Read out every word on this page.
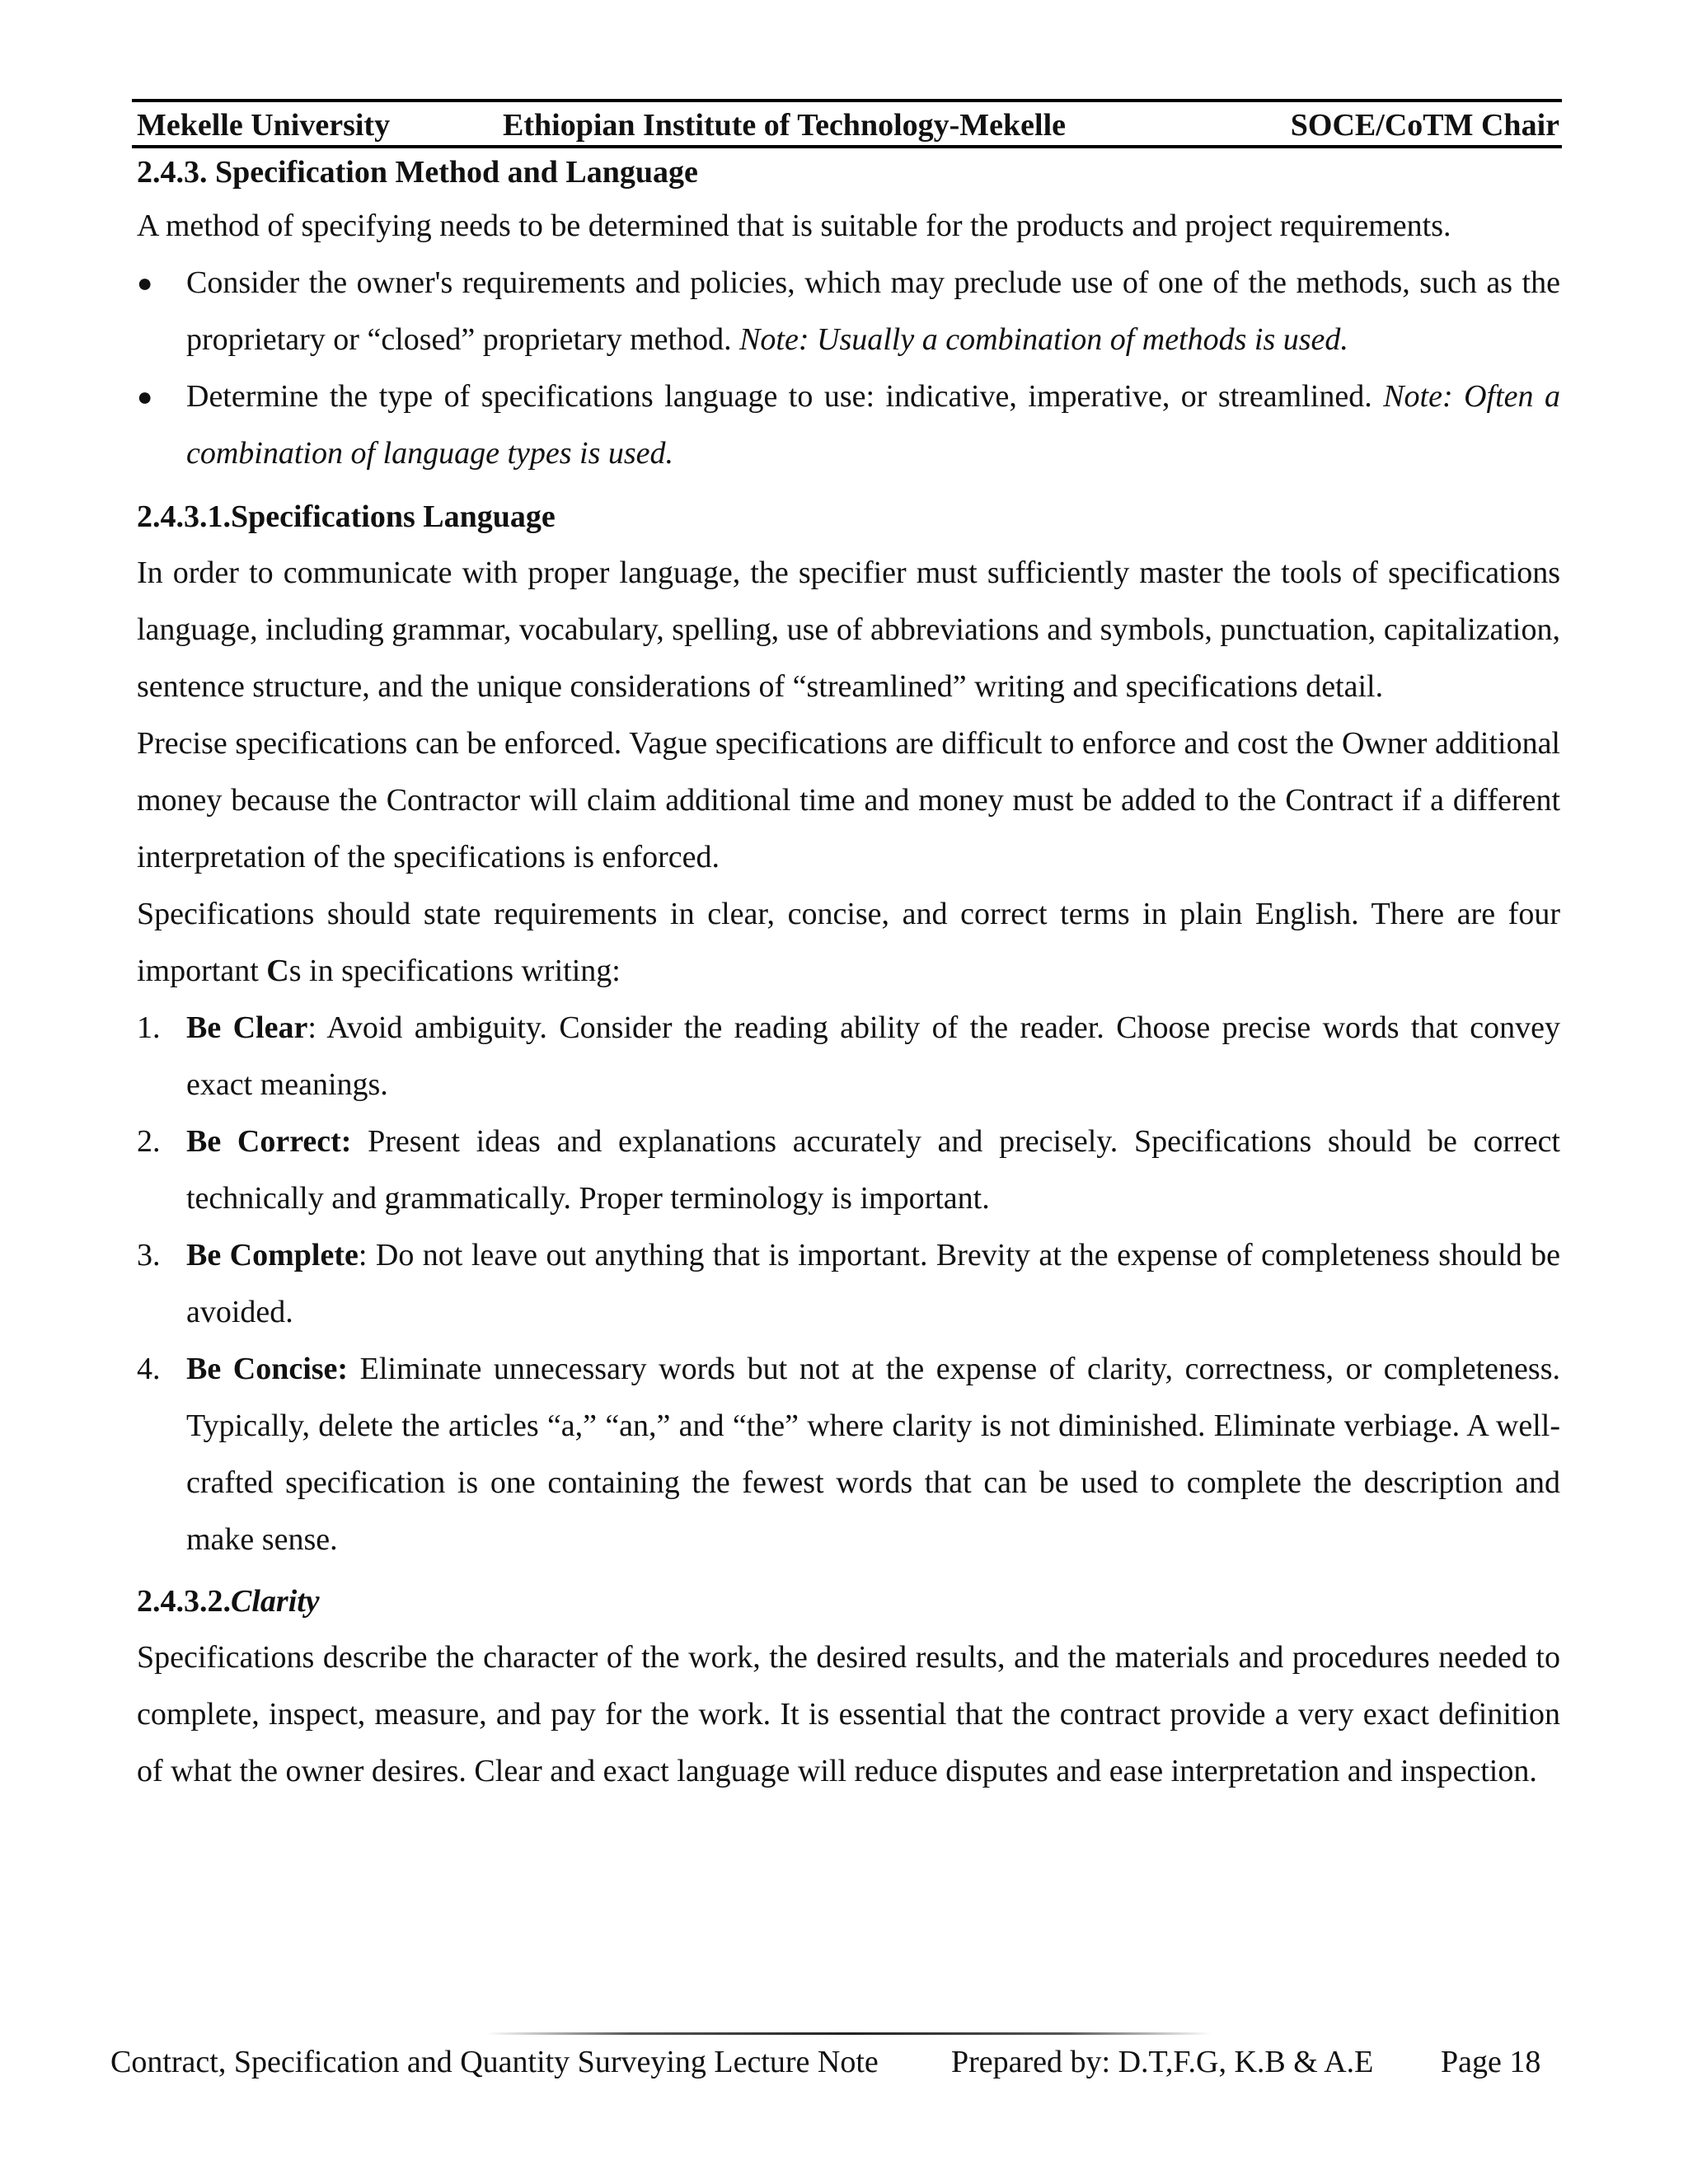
Mekelle University	Ethiopian Institute of Technology-Mekelle	SOCE/CoTM Chair
2.4.3. Specification Method and Language

A method of specifying needs to be determined that is suitable for the products and project requirements.

● Consider the owner's requirements and policies, which may preclude use of one of the methods, such as the proprietary or “closed” proprietary method. Note: Usually a combination of methods is used.
● Determine the type of specifications language to use: indicative, imperative, or streamlined. Note: Often a combination of language types is used.
2.4.3.1.Specifications Language

In order to communicate with proper language, the specifier must sufficiently master the tools of specifications language, including grammar, vocabulary, spelling, use of abbreviations and symbols, punctuation, capitalization, sentence structure, and the unique considerations of “streamlined” writing and specifications detail.

Precise specifications can be enforced. Vague specifications are difficult to enforce and cost the Owner additional money because the Contractor will claim additional time and money must be added to the Contract if a different interpretation of the specifications is enforced.

Specifications should state requirements in clear, concise, and correct terms in plain English. There are four important Cs in specifications writing:

1. Be Clear: Avoid ambiguity. Consider the reading ability of the reader. Choose precise words that convey exact meanings.
2. Be Correct: Present ideas and explanations accurately and precisely. Specifications should be correct technically and grammatically. Proper terminology is important.
3. Be Complete: Do not leave out anything that is important. Brevity at the expense of completeness should be avoided.
4. Be Concise: Eliminate unnecessary words but not at the expense of clarity, correctness, or completeness. Typically, delete the articles “a,” “an,” and “the” where clarity is not diminished. Eliminate verbiage. A well-crafted specification is one containing the fewest words that can be used to complete the description and make sense.
2.4.3.2.Clarity

Specifications describe the character of the work, the desired results, and the materials and procedures needed to complete, inspect, measure, and pay for the work. It is essential that the contract provide a very exact definition of what the owner desires. Clear and exact language will reduce disputes and ease interpretation and inspection.

Contract, Specification and Quantity Surveying Lecture Note Prepared by: D.T,F.G, K.B & A.E Page 18
